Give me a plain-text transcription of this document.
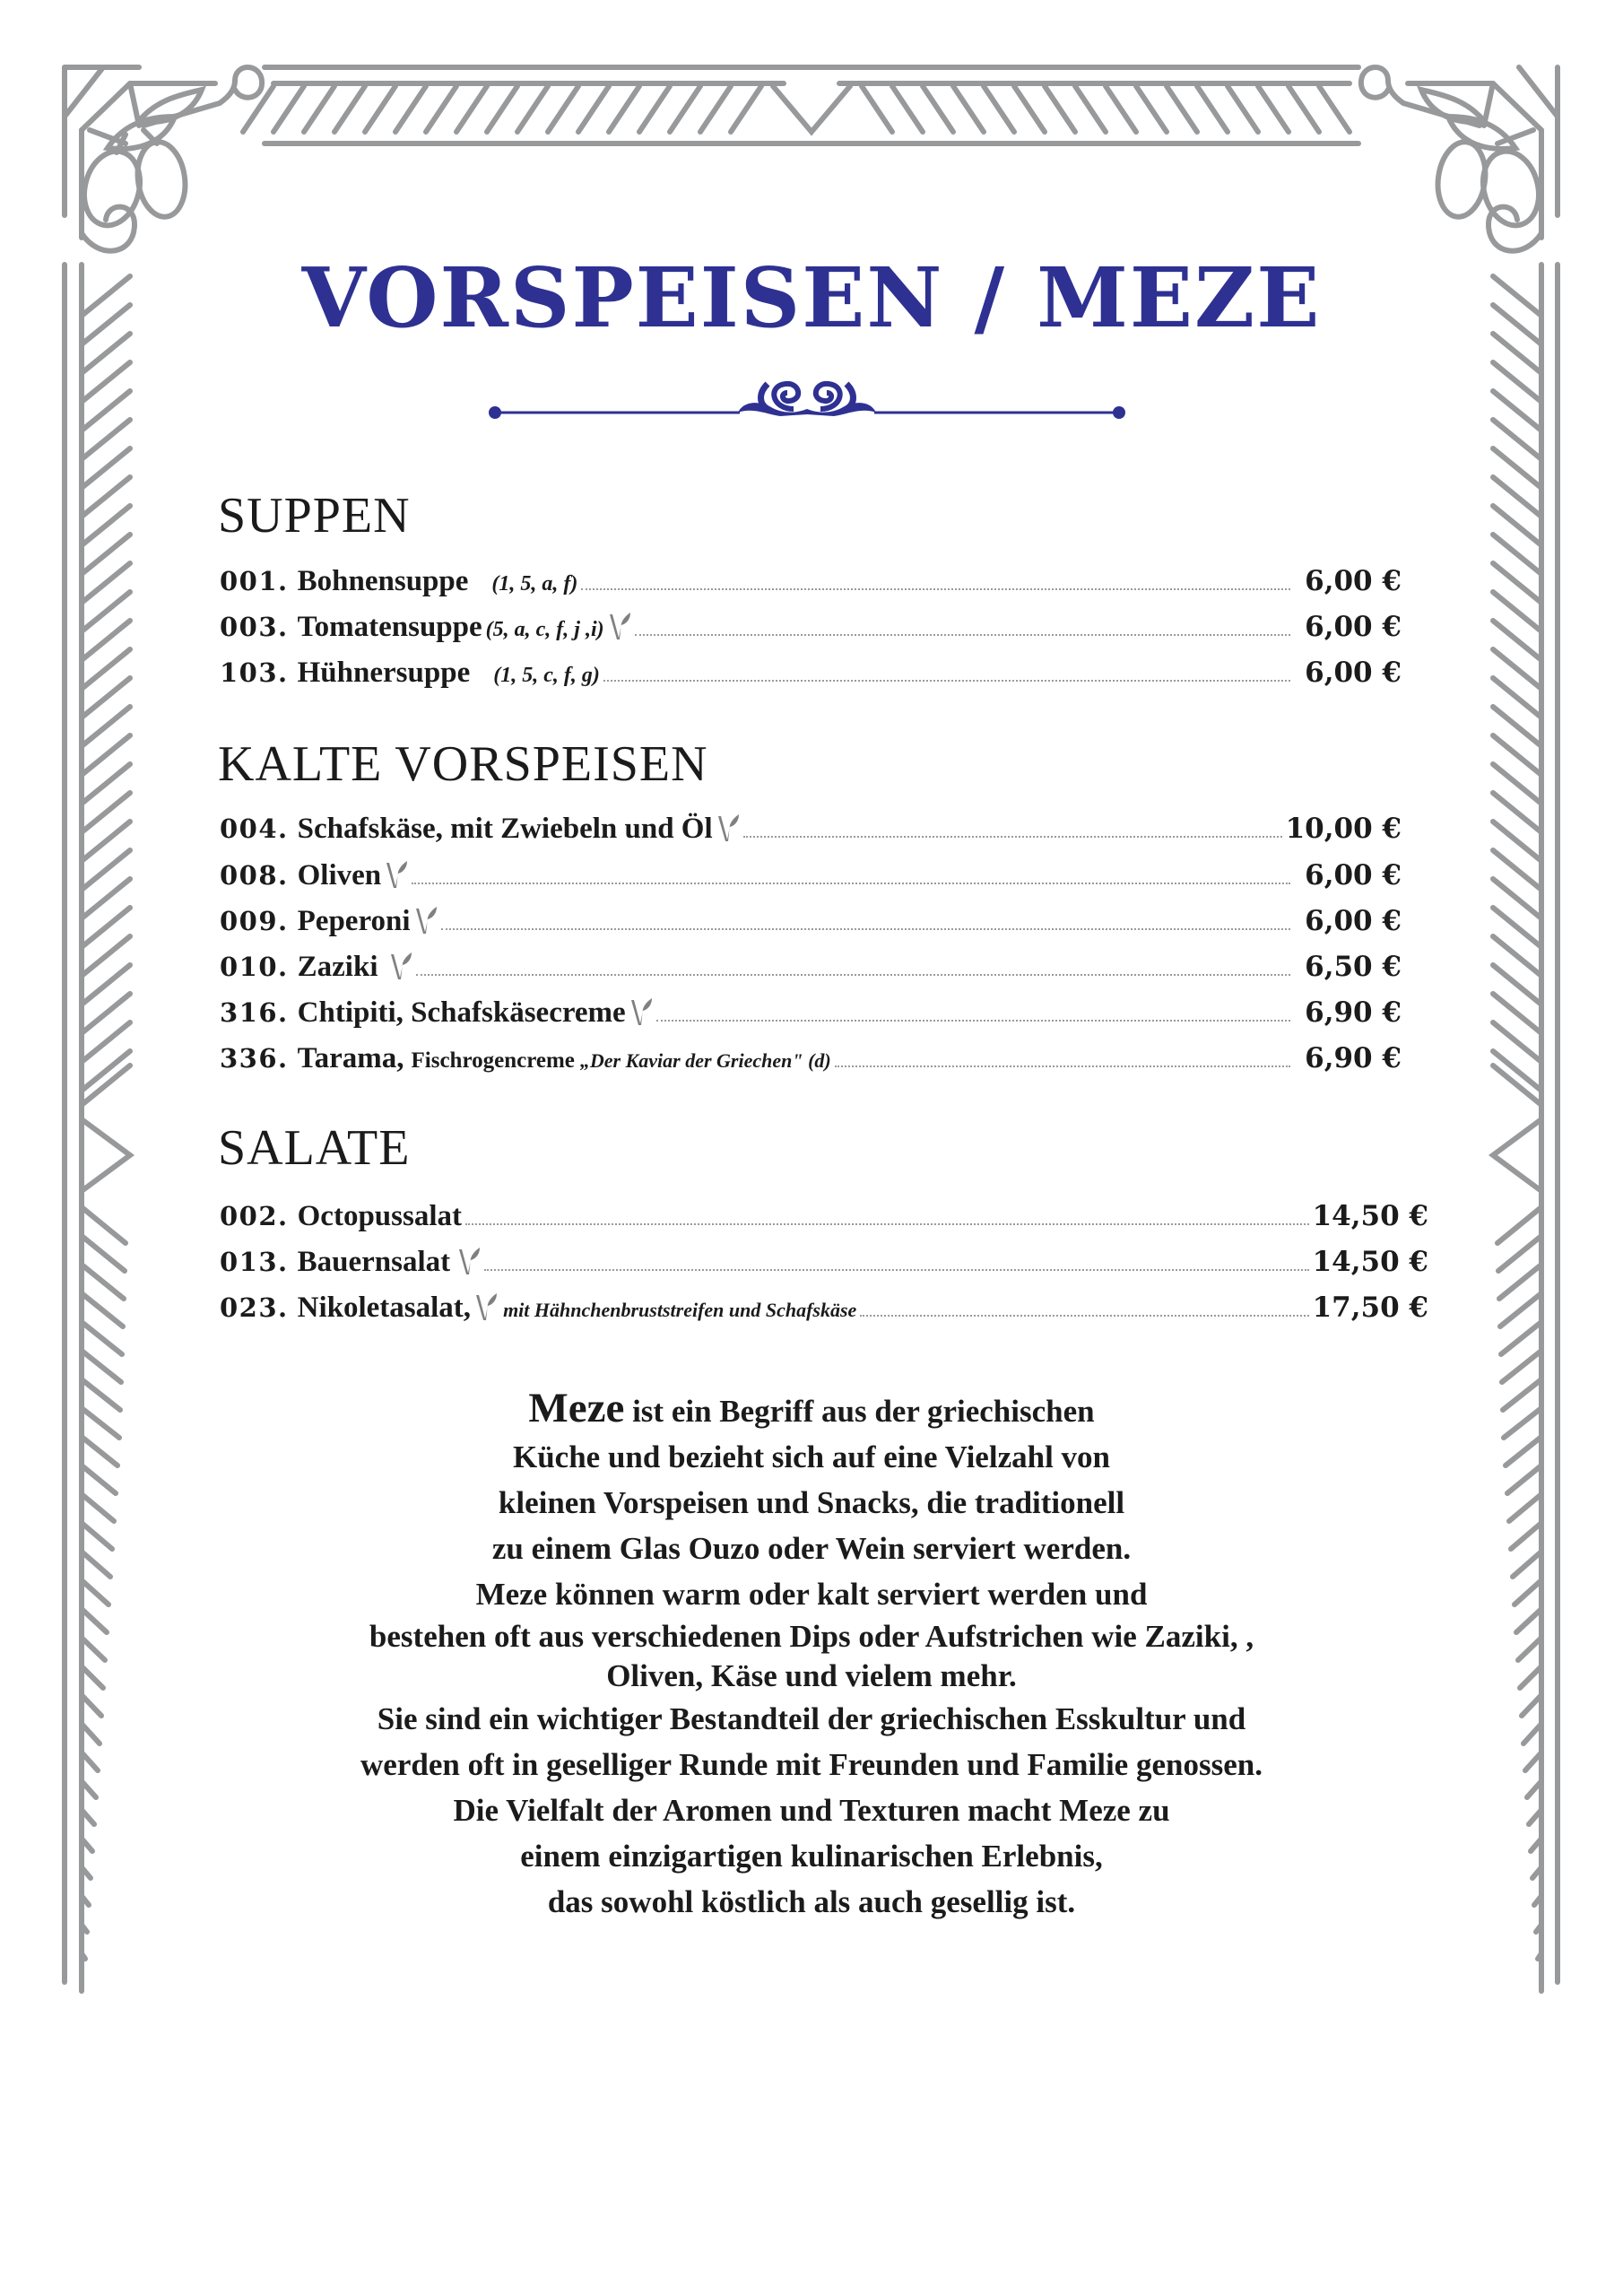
VORSPEISEN / MEZE
SUPPEN
001. Bohnensuppe (1, 5, a, f)	6,00 €
003. Tomatensuppe (5, a, c, f, j ,i)	6,00 €
103. Hühnersuppe (1, 5, c, f, g)	6,00 €
KALTE VORSPEISEN
004. Schafskäse, mit Zwiebeln und Öl	10,00 €
008. Oliven	6,00 €
009. Peperoni	6,00 €
010. Zaziki	6,50 €
316. Chtipiti, Schafskäsecreme	6,90 €
336. Tarama, Fischrogencreme „Der Kaviar der Griechen" (d)	6,90 €
SALATE
002. Octopussalat	14,50 €
013. Bauernsalat	14,50 €
023. Nikoletasalat, mit Hähnchenbruststreifen und Schafskäse	17,50 €
Meze ist ein Begriff aus der griechischen
Küche und bezieht sich auf eine Vielzahl von
kleinen Vorspeisen und Snacks, die traditionell
zu einem Glas Ouzo oder Wein serviert werden.
Meze können warm oder kalt serviert werden und
bestehen oft aus verschiedenen Dips oder Aufstrichen wie Zaziki, ,
Oliven, Käse und vielem mehr.
Sie sind ein wichtiger Bestandteil der griechischen Esskultur und
werden oft in geselliger Runde mit Freunden und Familie genossen.
Die Vielfalt der Aromen und Texturen macht Meze zu
einem einzigartigen kulinarischen Erlebnis,
das sowohl köstlich als auch gesellig ist.
